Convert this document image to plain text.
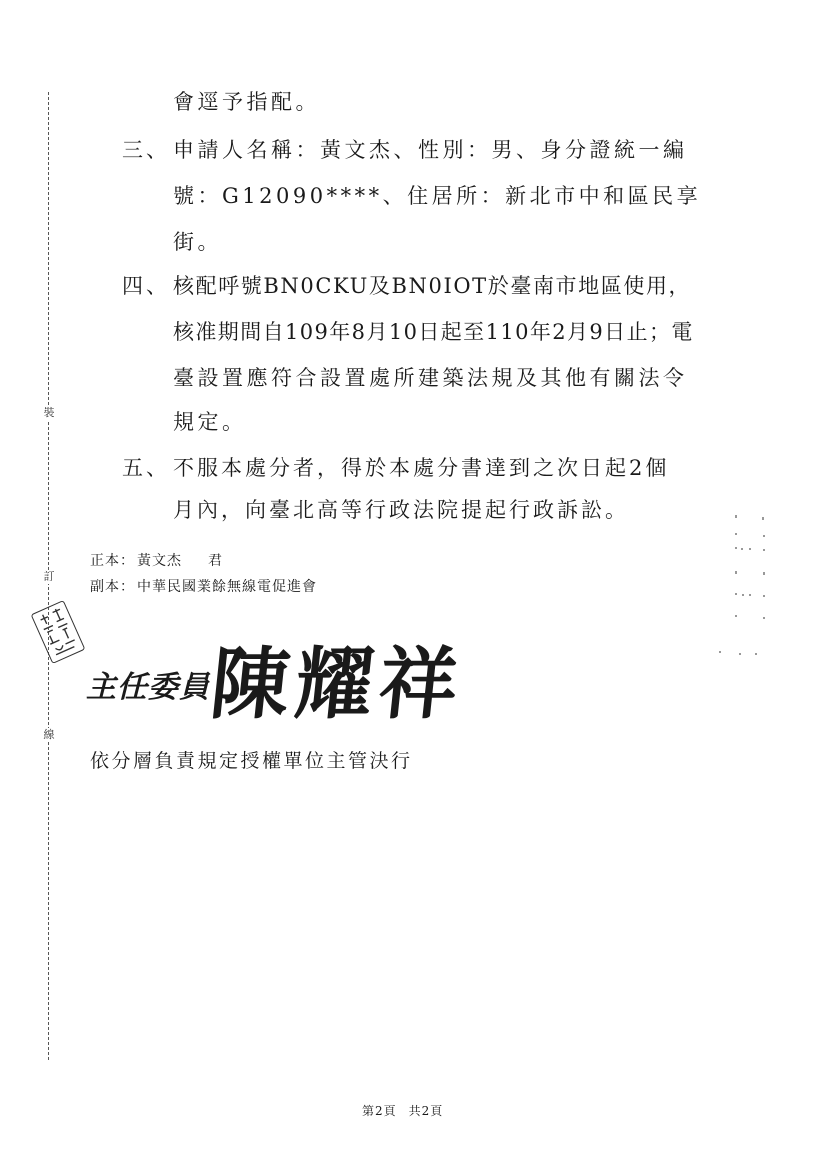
裝
訂
線
會逕予指配。
三、 申請人名稱：黃文杰、性別：男、身分證統一編
號：G12090****、住居所：新北市中和區民享
街。
四、 核配呼號BN0CKU及BN0IOT於臺南市地區使用，
核准期間自109年8月10日起至110年2月9日止；電
臺設置應符合設置處所建築法規及其他有關法令
規定。
五、 不服本處分者，得於本處分書達到之次日起2個
月內，向臺北高等行政法院提起行政訴訟。
正本： 黃文杰 君
副本： 中華民國業餘無線電促進會
主任委員
陳耀祥
依分層負責規定授權單位主管決行
第2頁 共2頁
